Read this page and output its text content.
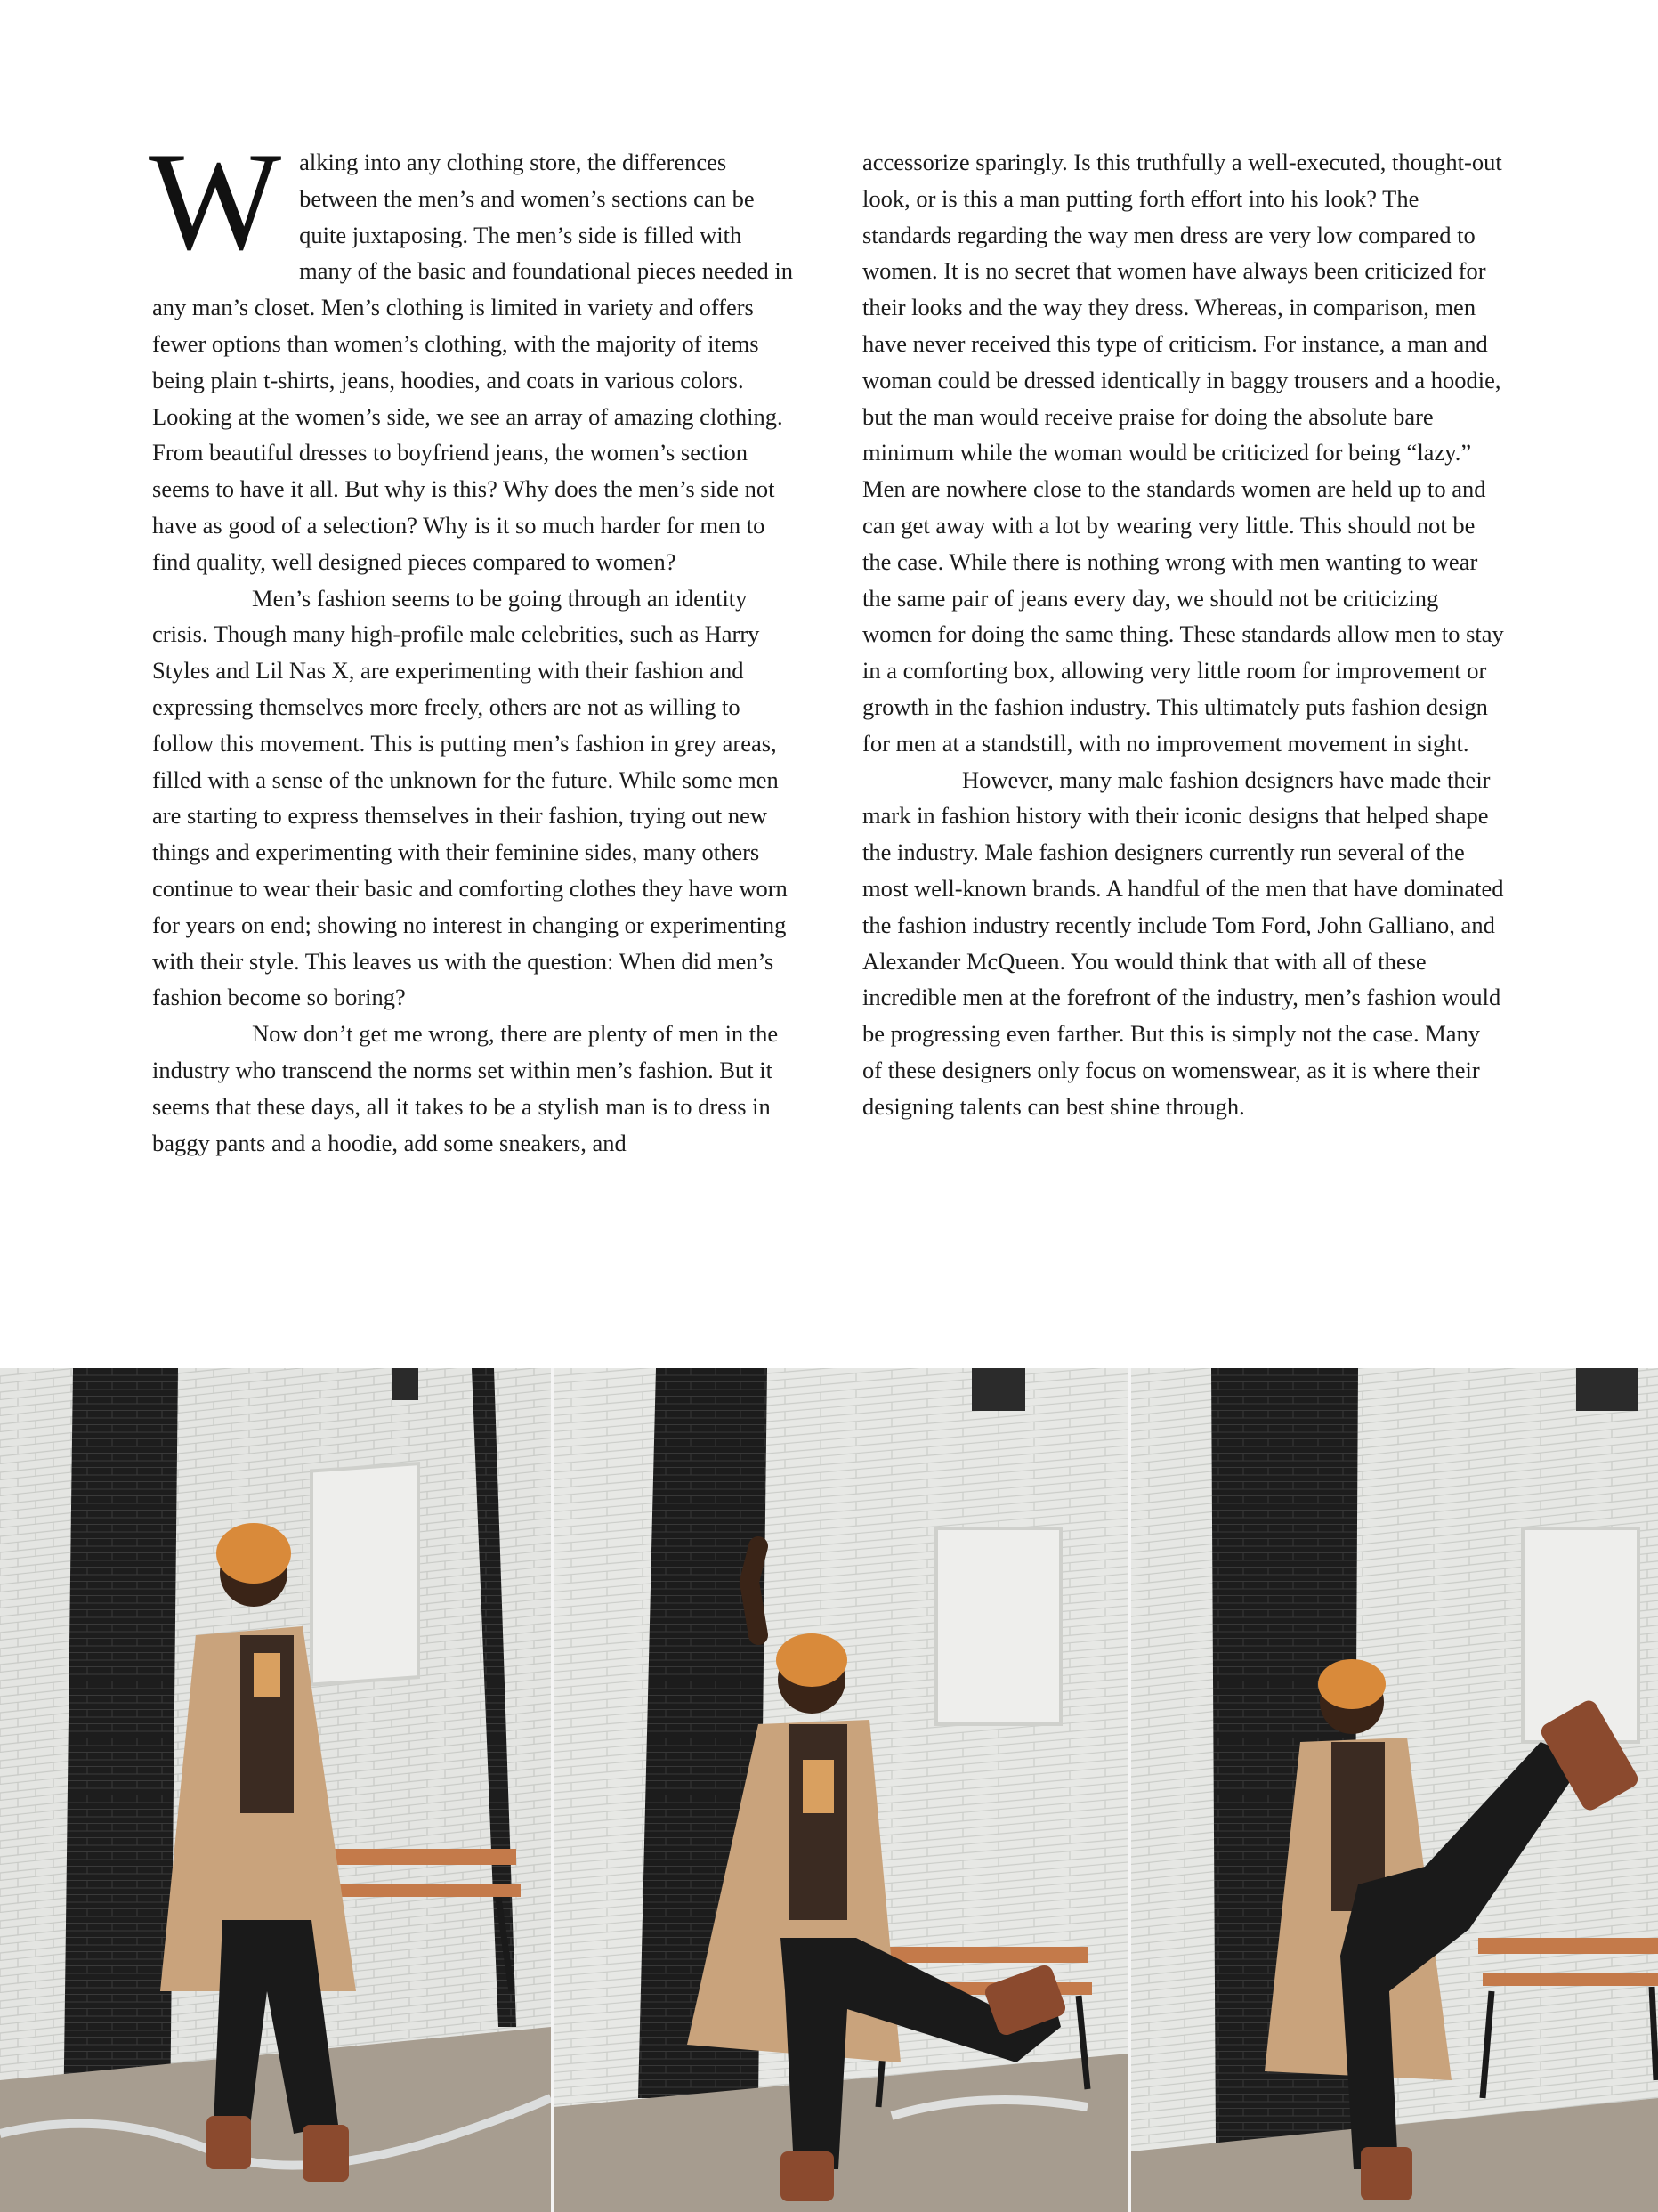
Walking into any clothing store, the differences between the men’s and women’s sections can be quite juxtaposing. The men’s side is filled with many of the basic and foundational pieces needed in any man’s closet. Men’s clothing is limited in variety and offers fewer options than women’s clothing, with the majority of items being plain t-shirts, jeans, hoodies, and coats in various colors. Looking at the women’s side, we see an array of amazing clothing. From beautiful dresses to boyfriend jeans, the women’s section seems to have it all. But why is this? Why does the men’s side not have as good of a selection? Why is it so much harder for men to find quality, well designed pieces compared to women?

Men’s fashion seems to be going through an identity crisis. Though many high-profile male celebrities, such as Harry Styles and Lil Nas X, are experimenting with their fashion and expressing themselves more freely, others are not as willing to follow this movement. This is putting men’s fashion in grey areas, filled with a sense of the unknown for the future. While some men are starting to express themselves in their fashion, trying out new things and experimenting with their feminine sides, many others continue to wear their basic and comforting clothes they have worn for years on end; showing no interest in changing or experimenting with their style. This leaves us with the question: When did men’s fashion become so boring?

Now don’t get me wrong, there are plenty of men in the industry who transcend the norms set within men’s fashion. But it seems that these days, all it takes to be a stylish man is to dress in baggy pants and a hoodie, add some sneakers, and

accessorize sparingly. Is this truthfully a well-executed, thought-out look, or is this a man putting forth effort into his look? The standards regarding the way men dress are very low compared to women. It is no secret that women have always been criticized for their looks and the way they dress. Whereas, in comparison, men have never received this type of criticism. For instance, a man and woman could be dressed identically in baggy trousers and a hoodie, but the man would receive praise for doing the absolute bare minimum while the woman would be criticized for being “lazy.” Men are nowhere close to the standards women are held up to and can get away with a lot by wearing very little. This should not be the case. While there is nothing wrong with men wanting to wear the same pair of jeans every day, we should not be criticizing women for doing the same thing. These standards allow men to stay in a comforting box, allowing very little room for improvement or growth in the fashion industry. This ultimately puts fashion design for men at a standstill, with no improvement movement in sight.

However, many male fashion designers have made their mark in fashion history with their iconic designs that helped shape the industry. Male fashion designers currently run several of the most well-known brands. A handful of the men that have dominated the fashion industry recently include Tom Ford, John Galliano, and Alexander McQueen. You would think that with all of these incredible men at the forefront of the industry, men’s fashion would be progressing even farther. But this is simply not the case. Many of these designers only focus on womenswear, as it is where their designing talents can best shine through.
